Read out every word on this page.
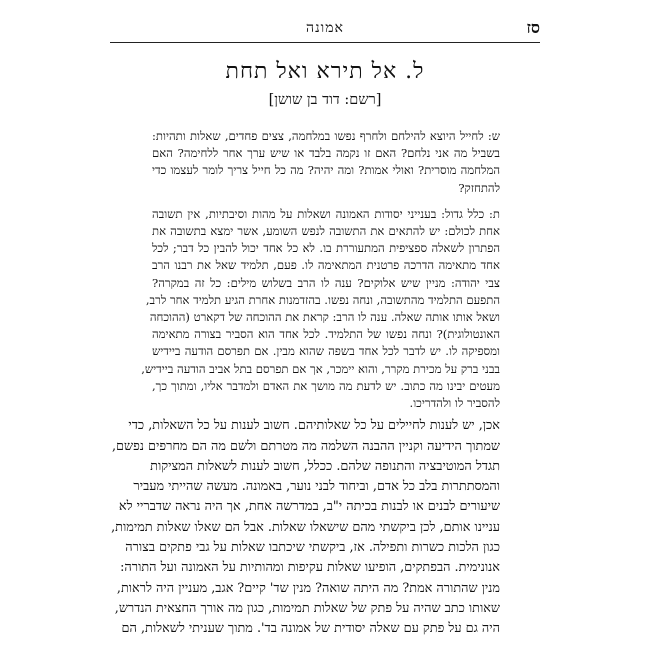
סז
אמונה
ל. אל תירא ואל תחת
[רשם: דוד בן שושן]

ש: לחייל היוצא להילחם ולחרף נפשו במלחמה, צצים פחדים, שאלות ותהיות:
בשביל מה אני נלחם? האם זו נקמה בלבד או שיש ערך אחר ללחימה? האם
המלחמה מוסרית? ואולי אמות? ומה יהיה? מה כל חייל צריך לומר לעצמו כדי
להתחזק?

ת: כלל גדול: בענייני יסודות האמונה ושאלות על מהות וסיבתיות, אין תשובה
אחת לכולם: יש להתאים את התשובה לנפש השומע, אשר ימצא בתשובה את
הפתרון לשאלה ספציפית המתעוררת בו. לא כל אחד יכול להבין כל דבר; לכל
אחד מתאימה הדרכה פרטנית המתאימה לו. פעם, תלמיד שאל את רבנו הרב
צבי יהודה: מניין שיש אלוקים? ענה לו הרב בשלוש מילים: כל זה במקרה?
התפעם התלמיד מהתשובה, ונחה נפשו. בהזדמנות אחרת הגיע תלמיד אחר לרב,
ושאל אותו אותה שאלה. ענה לו הרב: קראת את ההוכחה של דקארט (ההוכחה
האונטולוגית)? ונחה נפשו של התלמיד. לכל אחד הוא הסביר בצורה מתאימה
ומספיקה לו. יש לדבר לכל אחד בשפה שהוא מבין. אם תפרסם הודעה ביידיש
בבני ברק על מכירת מקרר, והוא יימכר, אך אם תפרסם בתל אביב הודעה ביידיש,
מעטים יבינו מה כתוב. יש לדעת מה מושך את האדם ולמדבר אליו, ומתוך כך,
להסביר לו ולהדריכו.

אכן, יש לענות לחיילים על כל שאלותיהם. חשוב לענות על כל השאלות, כדי
שמתוך הידיעה וקניין ההבנה השלמה מה מטרתם ולשם מה הם מחרפים נפשם,
תגדל המוטיבציה והתנופה שלהם. ככלל, חשוב לענות לשאלות המציקות
והמסתתרות בלב כל אדם, וביחוד לבני נוער, באמונה. מעשה שהייתי מעביר
שיעורים לבנים או לבנות בכיתה י"ב, במדרשה אחת, אך היה נראה שדבריי לא
עניינו אותם, לכן ביקשתי מהם שישאלו שאלות. אבל הם שאלו שאלות תמימות,
כגון הלכות כשרות ותפילה. אז, ביקשתי שיכתבו שאלות על גבי פתקים בצורה
אנונימית. הבפתקים, הופיעו שאלות עקיפות ומהותיות על האמונה ועל התורה:
מנין שהתורה אמת? מה היתה שואה? מנין שד' קיים? אגב, מעניין היה לראות,
שאותו כתב שהיה על פתק של שאלות תמימות, כגון מה אורך החצאית הנדרש,
היה גם על פתק עם שאלה יסודית של אמונה בד'. מתוך שעניתי לשאלות, הם
